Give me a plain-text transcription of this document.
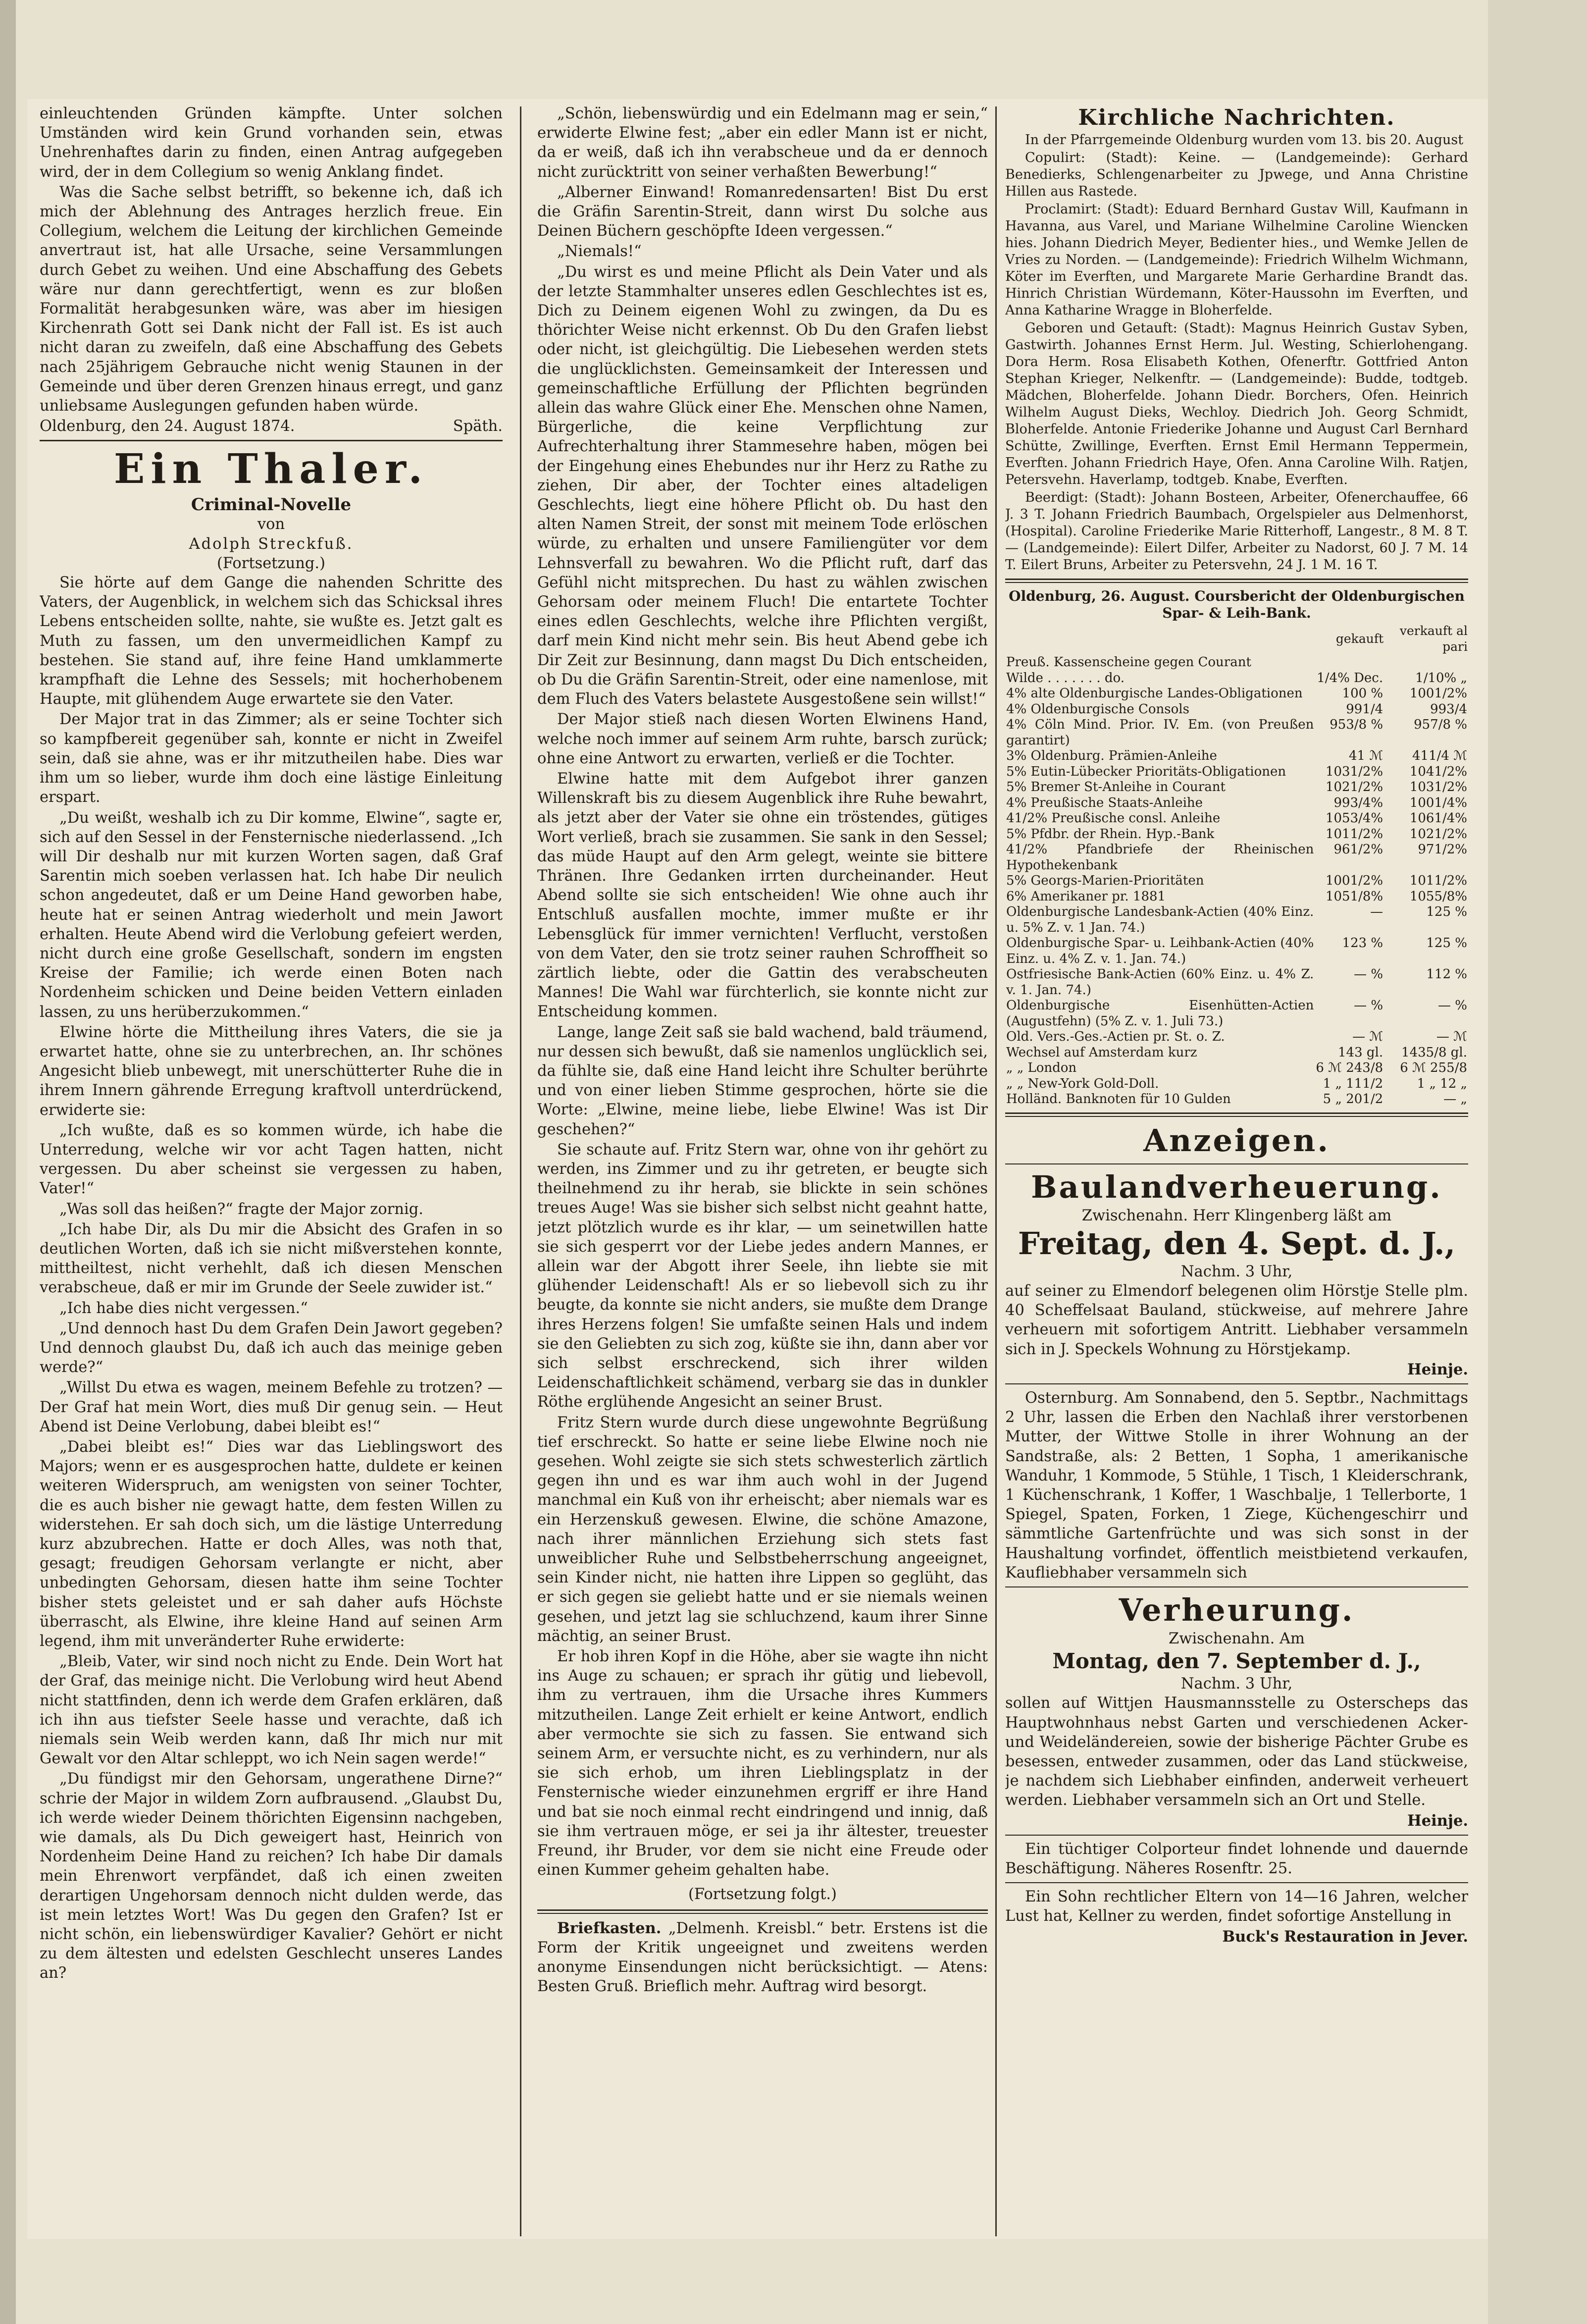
einleuchtenden Gründen kämpfte. Unter solchen Umständen wird kein Grund vorhanden sein, etwas Unehrenhaftes darin zu finden, einen Antrag aufgegeben wird, der in dem Collegium so wenig Anklang findet.

Was die Sache selbst betrifft, so bekenne ich, daß ich mich der Ablehnung des Antrages herzlich freue. Ein Collegium, welchem die Leitung der kirchlichen Gemeinde anvertraut ist, hat alle Ursache, seine Versammlungen durch Gebet zu weihen. Und eine Abschaffung des Gebets wäre nur dann gerechtfertigt, wenn es zur bloßen Formalität herabgesunken wäre, was aber im hiesigen Kirchenrath Gott sei Dank nicht der Fall ist. Es ist auch nicht daran zu zweifeln, daß eine Abschaffung des Gebets nach 25jährigem Gebrauche nicht wenig Staunen in der Gemeinde und über deren Grenzen hinaus erregt, und ganz unliebsame Auslegungen gefunden haben würde.

Oldenburg, den 24. August 1874.	Späth.
Ein Thaler.
Criminal-Novelle
von
Adolph Streckfuß.
(Fortsetzung.)

Sie hörte auf dem Gange die nahenden Schritte des Vaters, der Augenblick, in welchem sich das Schicksal ihres Lebens entscheiden sollte, nahte, sie wußte es. Jetzt galt es Muth zu fassen, um den unvermeidlichen Kampf zu bestehen. Sie stand auf, ihre feine Hand umklammerte krampfhaft die Lehne des Sessels; mit hocherhobenem Haupte, mit glühendem Auge erwartete sie den Vater.

Der Major trat in das Zimmer; als er seine Tochter sich so kampfbereit gegenüber sah, konnte er nicht in Zweifel sein, daß sie ahne, was er ihr mitzutheilen habe. Dies war ihm um so lieber, wurde ihm doch eine lästige Einleitung erspart.

„Du weißt, weshalb ich zu Dir komme, Elwine“, sagte er, sich auf den Sessel in der Fensternische niederlassend. „Ich will Dir deshalb nur mit kurzen Worten sagen, daß Graf Sarentin mich soeben verlassen hat. Ich habe Dir neulich schon angedeutet, daß er um Deine Hand geworben habe, heute hat er seinen Antrag wiederholt und mein Jawort erhalten. Heute Abend wird die Verlobung gefeiert werden, nicht durch eine große Gesellschaft, sondern im engsten Kreise der Familie; ich werde einen Boten nach Nordenheim schicken und Deine beiden Vettern einladen lassen, zu uns herüberzukommen.“

Elwine hörte die Mittheilung ihres Vaters, die sie ja erwartet hatte, ohne sie zu unterbrechen, an. Ihr schönes Angesicht blieb unbewegt, mit unerschütterter Ruhe die in ihrem Innern gährende Erregung kraftvoll unterdrückend, erwiderte sie:

„Ich wußte, daß es so kommen würde, ich habe die Unterredung, welche wir vor acht Tagen hatten, nicht vergessen. Du aber scheinst sie vergessen zu haben, Vater!“

„Was soll das heißen?“ fragte der Major zornig.

„Ich habe Dir, als Du mir die Absicht des Grafen in so deutlichen Worten, daß ich sie nicht mißverstehen konnte, mittheiltest, nicht verhehlt, daß ich diesen Menschen verabscheue, daß er mir im Grunde der Seele zuwider ist.“

„Ich habe dies nicht vergessen.“

„Und dennoch hast Du dem Grafen Dein Jawort gegeben? Und dennoch glaubst Du, daß ich auch das meinige geben werde?“

„Willst Du etwa es wagen, meinem Befehle zu trotzen? — Der Graf hat mein Wort, dies muß Dir genug sein. — Heut Abend ist Deine Verlobung, dabei bleibt es!“

„Dabei bleibt es!“ Dies war das Lieblingswort des Majors; wenn er es ausgesprochen hatte, duldete er keinen weiteren Widerspruch, am wenigsten von seiner Tochter, die es auch bisher nie gewagt hatte, dem festen Willen zu widerstehen. Er sah doch sich, um die lästige Unterredung kurz abzubrechen. Hatte er doch Alles, was noth that, gesagt; freudigen Gehorsam verlangte er nicht, aber unbedingten Gehorsam, diesen hatte ihm seine Tochter bisher stets geleistet und er sah daher aufs Höchste überrascht, als Elwine, ihre kleine Hand auf seinen Arm legend, ihm mit unveränderter Ruhe erwiderte:

„Bleib, Vater, wir sind noch nicht zu Ende. Dein Wort hat der Graf, das meinige nicht. Die Verlobung wird heut Abend nicht stattfinden, denn ich werde dem Grafen erklären, daß ich ihn aus tiefster Seele hasse und verachte, daß ich niemals sein Weib werden kann, daß Ihr mich nur mit Gewalt vor den Altar schleppt, wo ich Nein sagen werde!“

„Du fündigst mir den Gehorsam, ungerathene Dirne?“ schrie der Major in wildem Zorn aufbrausend. „Glaubst Du, ich werde wieder Deinem thörichten Eigensinn nachgeben, wie damals, als Du Dich geweigert hast, Heinrich von Nordenheim Deine Hand zu reichen? Ich habe Dir damals mein Ehrenwort verpfändet, daß ich einen zweiten derartigen Ungehorsam dennoch nicht dulden werde, das ist mein letztes Wort! Was Du gegen den Grafen? Ist er nicht schön, ein liebenswürdiger Kavalier? Gehört er nicht zu dem ältesten und edelsten Geschlecht unseres Landes an?

„Schön, liebenswürdig und ein Edelmann mag er sein,“ erwiderte Elwine fest; „aber ein edler Mann ist er nicht, da er weiß, daß ich ihn verabscheue und da er dennoch nicht zurücktritt von seiner verhaßten Bewerbung!“

„Alberner Einwand! Romanredensarten! Bist Du erst die Gräfin Sarentin-Streit, dann wirst Du solche aus Deinen Büchern geschöpfte Ideen vergessen.“

„Niemals!“

„Du wirst es und meine Pflicht als Dein Vater und als der letzte Stammhalter unseres edlen Geschlechtes ist es, Dich zu Deinem eigenen Wohl zu zwingen, da Du es thörichter Weise nicht erkennst. Ob Du den Grafen liebst oder nicht, ist gleichgültig. Die Liebesehen werden stets die unglücklichsten. Gemeinsamkeit der Interessen und gemeinschaftliche Erfüllung der Pflichten begründen allein das wahre Glück einer Ehe. Menschen ohne Namen, Bürgerliche, die keine Verpflichtung zur Aufrechterhaltung ihrer Stammesehre haben, mögen bei der Eingehung eines Ehebundes nur ihr Herz zu Rathe zu ziehen, Dir aber, der Tochter eines altadeligen Geschlechts, liegt eine höhere Pflicht ob. Du hast den alten Namen Streit, der sonst mit meinem Tode erlöschen würde, zu erhalten und unsere Familiengüter vor dem Lehnsverfall zu bewahren. Wo die Pflicht ruft, darf das Gefühl nicht mitsprechen. Du hast zu wählen zwischen Gehorsam oder meinem Fluch! Die entartete Tochter eines edlen Geschlechts, welche ihre Pflichten vergißt, darf mein Kind nicht mehr sein. Bis heut Abend gebe ich Dir Zeit zur Besinnung, dann magst Du Dich entscheiden, ob Du die Gräfin Sarentin-Streit, oder eine namenlose, mit dem Fluch des Vaters belastete Ausgestoßene sein willst!“

Der Major stieß nach diesen Worten Elwinens Hand, welche noch immer auf seinem Arm ruhte, barsch zurück; ohne eine Antwort zu erwarten, verließ er die Tochter.

Elwine hatte mit dem Aufgebot ihrer ganzen Willenskraft bis zu diesem Augenblick ihre Ruhe bewahrt, als jetzt aber der Vater sie ohne ein tröstendes, gütiges Wort verließ, brach sie zusammen. Sie sank in den Sessel; das müde Haupt auf den Arm gelegt, weinte sie bittere Thränen. Ihre Gedanken irrten durcheinander. Heut Abend sollte sie sich entscheiden! Wie ohne auch ihr Entschluß ausfallen mochte, immer mußte er ihr Lebensglück für immer vernichten! Verflucht, verstoßen von dem Vater, den sie trotz seiner rauhen Schroffheit so zärtlich liebte, oder die Gattin des verabscheuten Mannes! Die Wahl war fürchterlich, sie konnte nicht zur Entscheidung kommen.

Lange, lange Zeit saß sie bald wachend, bald träumend, nur dessen sich bewußt, daß sie namenlos unglücklich sei, da fühlte sie, daß eine Hand leicht ihre Schulter berührte und von einer lieben Stimme gesprochen, hörte sie die Worte: „Elwine, meine liebe, liebe Elwine! Was ist Dir geschehen?“

Sie schaute auf. Fritz Stern war, ohne von ihr gehört zu werden, ins Zimmer und zu ihr getreten, er beugte sich theilnehmend zu ihr herab, sie blickte in sein schönes treues Auge! Was sie bisher sich selbst nicht geahnt hatte, jetzt plötzlich wurde es ihr klar, — um seinetwillen hatte sie sich gesperrt vor der Liebe jedes andern Mannes, er allein war der Abgott ihrer Seele, ihn liebte sie mit glühender Leidenschaft! Als er so liebevoll sich zu ihr beugte, da konnte sie nicht anders, sie mußte dem Drange ihres Herzens folgen! Sie umfaßte seinen Hals und indem sie den Geliebten zu sich zog, küßte sie ihn, dann aber vor sich selbst erschreckend, sich ihrer wilden Leidenschaftlichkeit schämend, verbarg sie das in dunkler Röthe erglühende Angesicht an seiner Brust.

Fritz Stern wurde durch diese ungewohnte Begrüßung tief erschreckt. So hatte er seine liebe Elwine noch nie gesehen. Wohl zeigte sie sich stets schwesterlich zärtlich gegen ihn und es war ihm auch wohl in der Jugend manchmal ein Kuß von ihr erheischt; aber niemals war es ein Herzenskuß gewesen. Elwine, die schöne Amazone, nach ihrer männlichen Erziehung sich stets fast unweiblicher Ruhe und Selbstbeherrschung angeeignet, sein Kinder nicht, nie hatten ihre Lippen so geglüht, das er sich gegen sie geliebt hatte und er sie niemals weinen gesehen, und jetzt lag sie schluchzend, kaum ihrer Sinne mächtig, an seiner Brust.

Er hob ihren Kopf in die Höhe, aber sie wagte ihn nicht ins Auge zu schauen; er sprach ihr gütig und liebevoll, ihm zu vertrauen, ihm die Ursache ihres Kummers mitzutheilen. Lange Zeit erhielt er keine Antwort, endlich aber vermochte sie sich zu fassen. Sie entwand sich seinem Arm, er versuchte nicht, es zu verhindern, nur als sie sich erhob, um ihren Lieblingsplatz in der Fensternische wieder einzunehmen ergriff er ihre Hand und bat sie noch einmal recht eindringend und innig, daß sie ihm vertrauen möge, er sei ja ihr ältester, treuester Freund, ihr Bruder, vor dem sie nicht eine Freude oder einen Kummer geheim gehalten habe.

(Fortsetzung folgt.)

Briefkasten. „Delmenh. Kreisbl.“ betr. Erstens ist die Form der Kritik ungeeignet und zweitens werden anonyme Einsendungen nicht berücksichtigt. — Atens: Besten Gruß. Brieflich mehr. Auftrag wird besorgt.

Kirchliche Nachrichten.

In der Pfarrgemeinde Oldenburg wurden vom 13. bis 20. August

Copulirt: (Stadt): Keine. — (Landgemeinde): Gerhard Benedierks, Schlengenarbeiter zu Jpwege, und Anna Christine Hillen aus Rastede.

Proclamirt: (Stadt): Eduard Bernhard Gustav Will, Kaufmann in Havanna, aus Varel, und Mariane Wilhelmine Caroline Wiencken hies. Johann Diedrich Meyer, Bedienter hies., und Wemke Jellen de Vries zu Norden. — (Landgemeinde): Friedrich Wilhelm Wichmann, Köter im Everften, und Margarete Marie Gerhardine Brandt das. Hinrich Christian Würdemann, Köter-Haussohn im Everften, und Anna Katharine Wragge in Bloherfelde.

Geboren und Getauft: (Stadt): Magnus Heinrich Gustav Syben, Gastwirth. Johannes Ernst Herm. Jul. Westing, Schierlohengang. Dora Herm. Rosa Elisabeth Kothen, Ofenerftr. Gottfried Anton Stephan Krieger, Nelkenftr. — (Landgemeinde): Budde, todtgeb. Mädchen, Bloherfelde. Johann Diedr. Borchers, Ofen. Heinrich Wilhelm August Dieks, Wechloy. Diedrich Joh. Georg Schmidt, Bloherfelde. Antonie Friederike Johanne und August Carl Bernhard Schütte, Zwillinge, Everften. Ernst Emil Hermann Teppermein, Everften. Johann Friedrich Haye, Ofen. Anna Caroline Wilh. Ratjen, Petersvehn. Haverlamp, todtgeb. Knabe, Everften.

Beerdigt: (Stadt): Johann Bosteen, Arbeiter, Ofenerchauffee, 66 J. 3 T. Johann Friedrich Baumbach, Orgelspieler aus Delmenhorst, (Hospital). Caroline Friederike Marie Ritterhoff, Langestr., 8 M. 8 T. — (Landgemeinde): Eilert Dilfer, Arbeiter zu Nadorst, 60 J. 7 M. 14 T. Eilert Bruns, Arbeiter zu Petersvehn, 24 J. 1 M. 16 T.

Oldenburg, 26. August. Coursbericht der Oldenburgischen Spar- & Leih-Bank.

	gekauft	verkauft al pari
Preuß. Kassenscheine gegen Courant		
Wilde . . . . . . . do.	1/4% Dec.	1/10% „
4% alte Oldenburgische Landes-Obligationen	100 %	1001/2%
4% Oldenburgische Consols	991/4	993/4
4% Cöln Mind. Prior. IV. Em. (von Preußen garantirt)	953/8 %	957/8 %
3% Oldenburg. Prämien-Anleihe	41 ℳ	411/4 ℳ
5% Eutin-Lübecker Prioritäts-Obligationen	1031/2%	1041/2%
5% Bremer St-Anleihe in Courant	1021/2%	1031/2%
4% Preußische Staats-Anleihe	993/4%	1001/4%
41/2% Preußische consl. Anleihe	1053/4%	1061/4%
5% Pfdbr. der Rhein. Hyp.-Bank	1011/2%	1021/2%
41/2% Pfandbriefe der Rheinischen Hypothekenbank	961/2%	971/2%
5% Georgs-Marien-Prioritäten	1001/2%	1011/2%
6% Amerikaner pr. 1881	1051/8%	1055/8%
Oldenburgische Landesbank-Actien (40% Einz. u. 5% Z. v. 1 Jan. 74.)	—	125 %
Oldenburgische Spar- u. Leihbank-Actien (40% Einz. u. 4% Z. v. 1. Jan. 74.)	123 %	125 %
Ostfriesische Bank-Actien (60% Einz. u. 4% Z. v. 1. Jan. 74.)	— %	112 %
Oldenburgische Eisenhütten-Actien (Augustfehn) (5% Z. v. 1. Juli 73.)	— %	— %
Old. Vers.-Ges.-Actien pr. St. o. Z.	— ℳ	— ℳ
Wechsel auf Amsterdam kurz	143 gl.	1435/8 gl.
„ „ London	6 ℳ 243/8	6 ℳ 255/8
„ „ New-York Gold-Doll.	1 „ 111/2	1 „ 12 „
Holländ. Banknoten für 10 Gulden	5 „ 201/2	— „
Anzeigen.
Baulandverheuerung.
Zwischenahn. Herr Klingenberg läßt am
Freitag, den 4. Sept. d. J.,
Nachm. 3 Uhr,

auf seiner zu Elmendorf belegenen olim Hörstje Stelle plm. 40 Scheffelsaat Bauland, stückweise, auf mehrere Jahre verheuern mit sofortigem Antritt. Liebhaber versammeln sich in J. Speckels Wohnung zu Hörstjekamp.

Heinje.

Osternburg. Am Sonnabend, den 5. Septbr., Nachmittags 2 Uhr, lassen die Erben den Nachlaß ihrer verstorbenen Mutter, der Wittwe Stolle in ihrer Wohnung an der Sandstraße, als: 2 Betten, 1 Sopha, 1 amerikanische Wanduhr, 1 Kommode, 5 Stühle, 1 Tisch, 1 Kleiderschrank, 1 Küchenschrank, 1 Koffer, 1 Waschbalje, 1 Tellerborte, 1 Spiegel, Spaten, Forken, 1 Ziege, Küchengeschirr und sämmtliche Gartenfrüchte und was sich sonst in der Haushaltung vorfindet, öffentlich meistbietend verkaufen, Kaufliebhaber versammeln sich

Verheurung.
Zwischenahn. Am
Montag, den 7. September d. J.,
Nachm. 3 Uhr,

sollen auf Wittjen Hausmannsstelle zu Osterscheps das Hauptwohnhaus nebst Garten und verschiedenen Acker- und Weideländereien, sowie der bisherige Pächter Grube es besessen, entweder zusammen, oder das Land stückweise, je nachdem sich Liebhaber einfinden, anderweit verheuert werden. Liebhaber versammeln sich an Ort und Stelle.

Heinje.

Ein tüchtiger Colporteur findet lohnende und dauernde Beschäftigung. Näheres Rosenftr. 25.

Ein Sohn rechtlicher Eltern von 14—16 Jahren, welcher Lust hat, Kellner zu werden, findet sofortige Anstellung in

Buck's Restauration in Jever.
